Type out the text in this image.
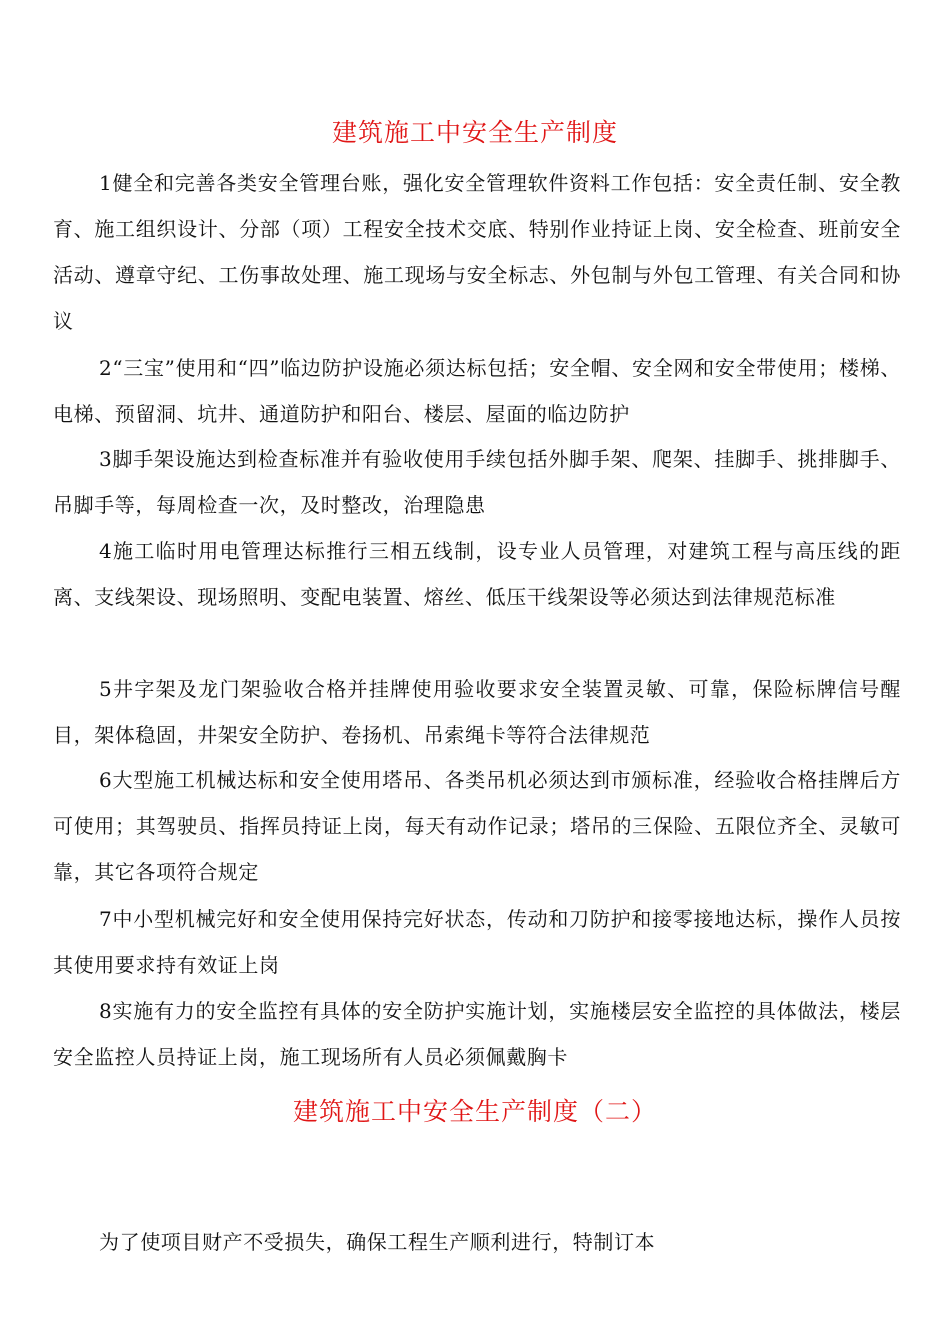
建筑施工中安全生产制度

1健全和完善各类安全管理台账，强化安全管理软件资料工作包括：安全责任制、安全教育、施工组织设计、分部（项）工程安全技术交底、特别作业持证上岗、安全检查、班前安全活动、遵章守纪、工伤事故处理、施工现场与安全标志、外包制与外包工管理、有关合同和协议

2“三宝”使用和“四”临边防护设施必须达标包括；安全帽、安全网和安全带使用；楼梯、电梯、预留洞、坑井、通道防护和阳台、楼层、屋面的临边防护

3脚手架设施达到检查标准并有验收使用手续包括外脚手架、爬架、挂脚手、挑排脚手、吊脚手等，每周检查一次，及时整改，治理隐患

4施工临时用电管理达标推行三相五线制，设专业人员管理，对建筑工程与高压线的距离、支线架设、现场照明、变配电装置、熔丝、低压干线架设等必须达到法律规范标准

5井字架及龙门架验收合格并挂牌使用验收要求安全装置灵敏、可靠，保险标牌信号醒目，架体稳固，井架安全防护、卷扬机、吊索绳卡等符合法律规范

6大型施工机械达标和安全使用塔吊、各类吊机必须达到市颁标准，经验收合格挂牌后方可使用；其驾驶员、指挥员持证上岗，每天有动作记录；塔吊的三保险、五限位齐全、灵敏可靠，其它各项符合规定

7中小型机械完好和安全使用保持完好状态，传动和刀防护和接零接地达标，操作人员按其使用要求持有效证上岗

8实施有力的安全监控有具体的安全防护实施计划，实施楼层安全监控的具体做法，楼层安全监控人员持证上岗，施工现场所有人员必须佩戴胸卡

建筑施工中安全生产制度（二）

为了使项目财产不受损失，确保工程生产顺利进行，特制订本
